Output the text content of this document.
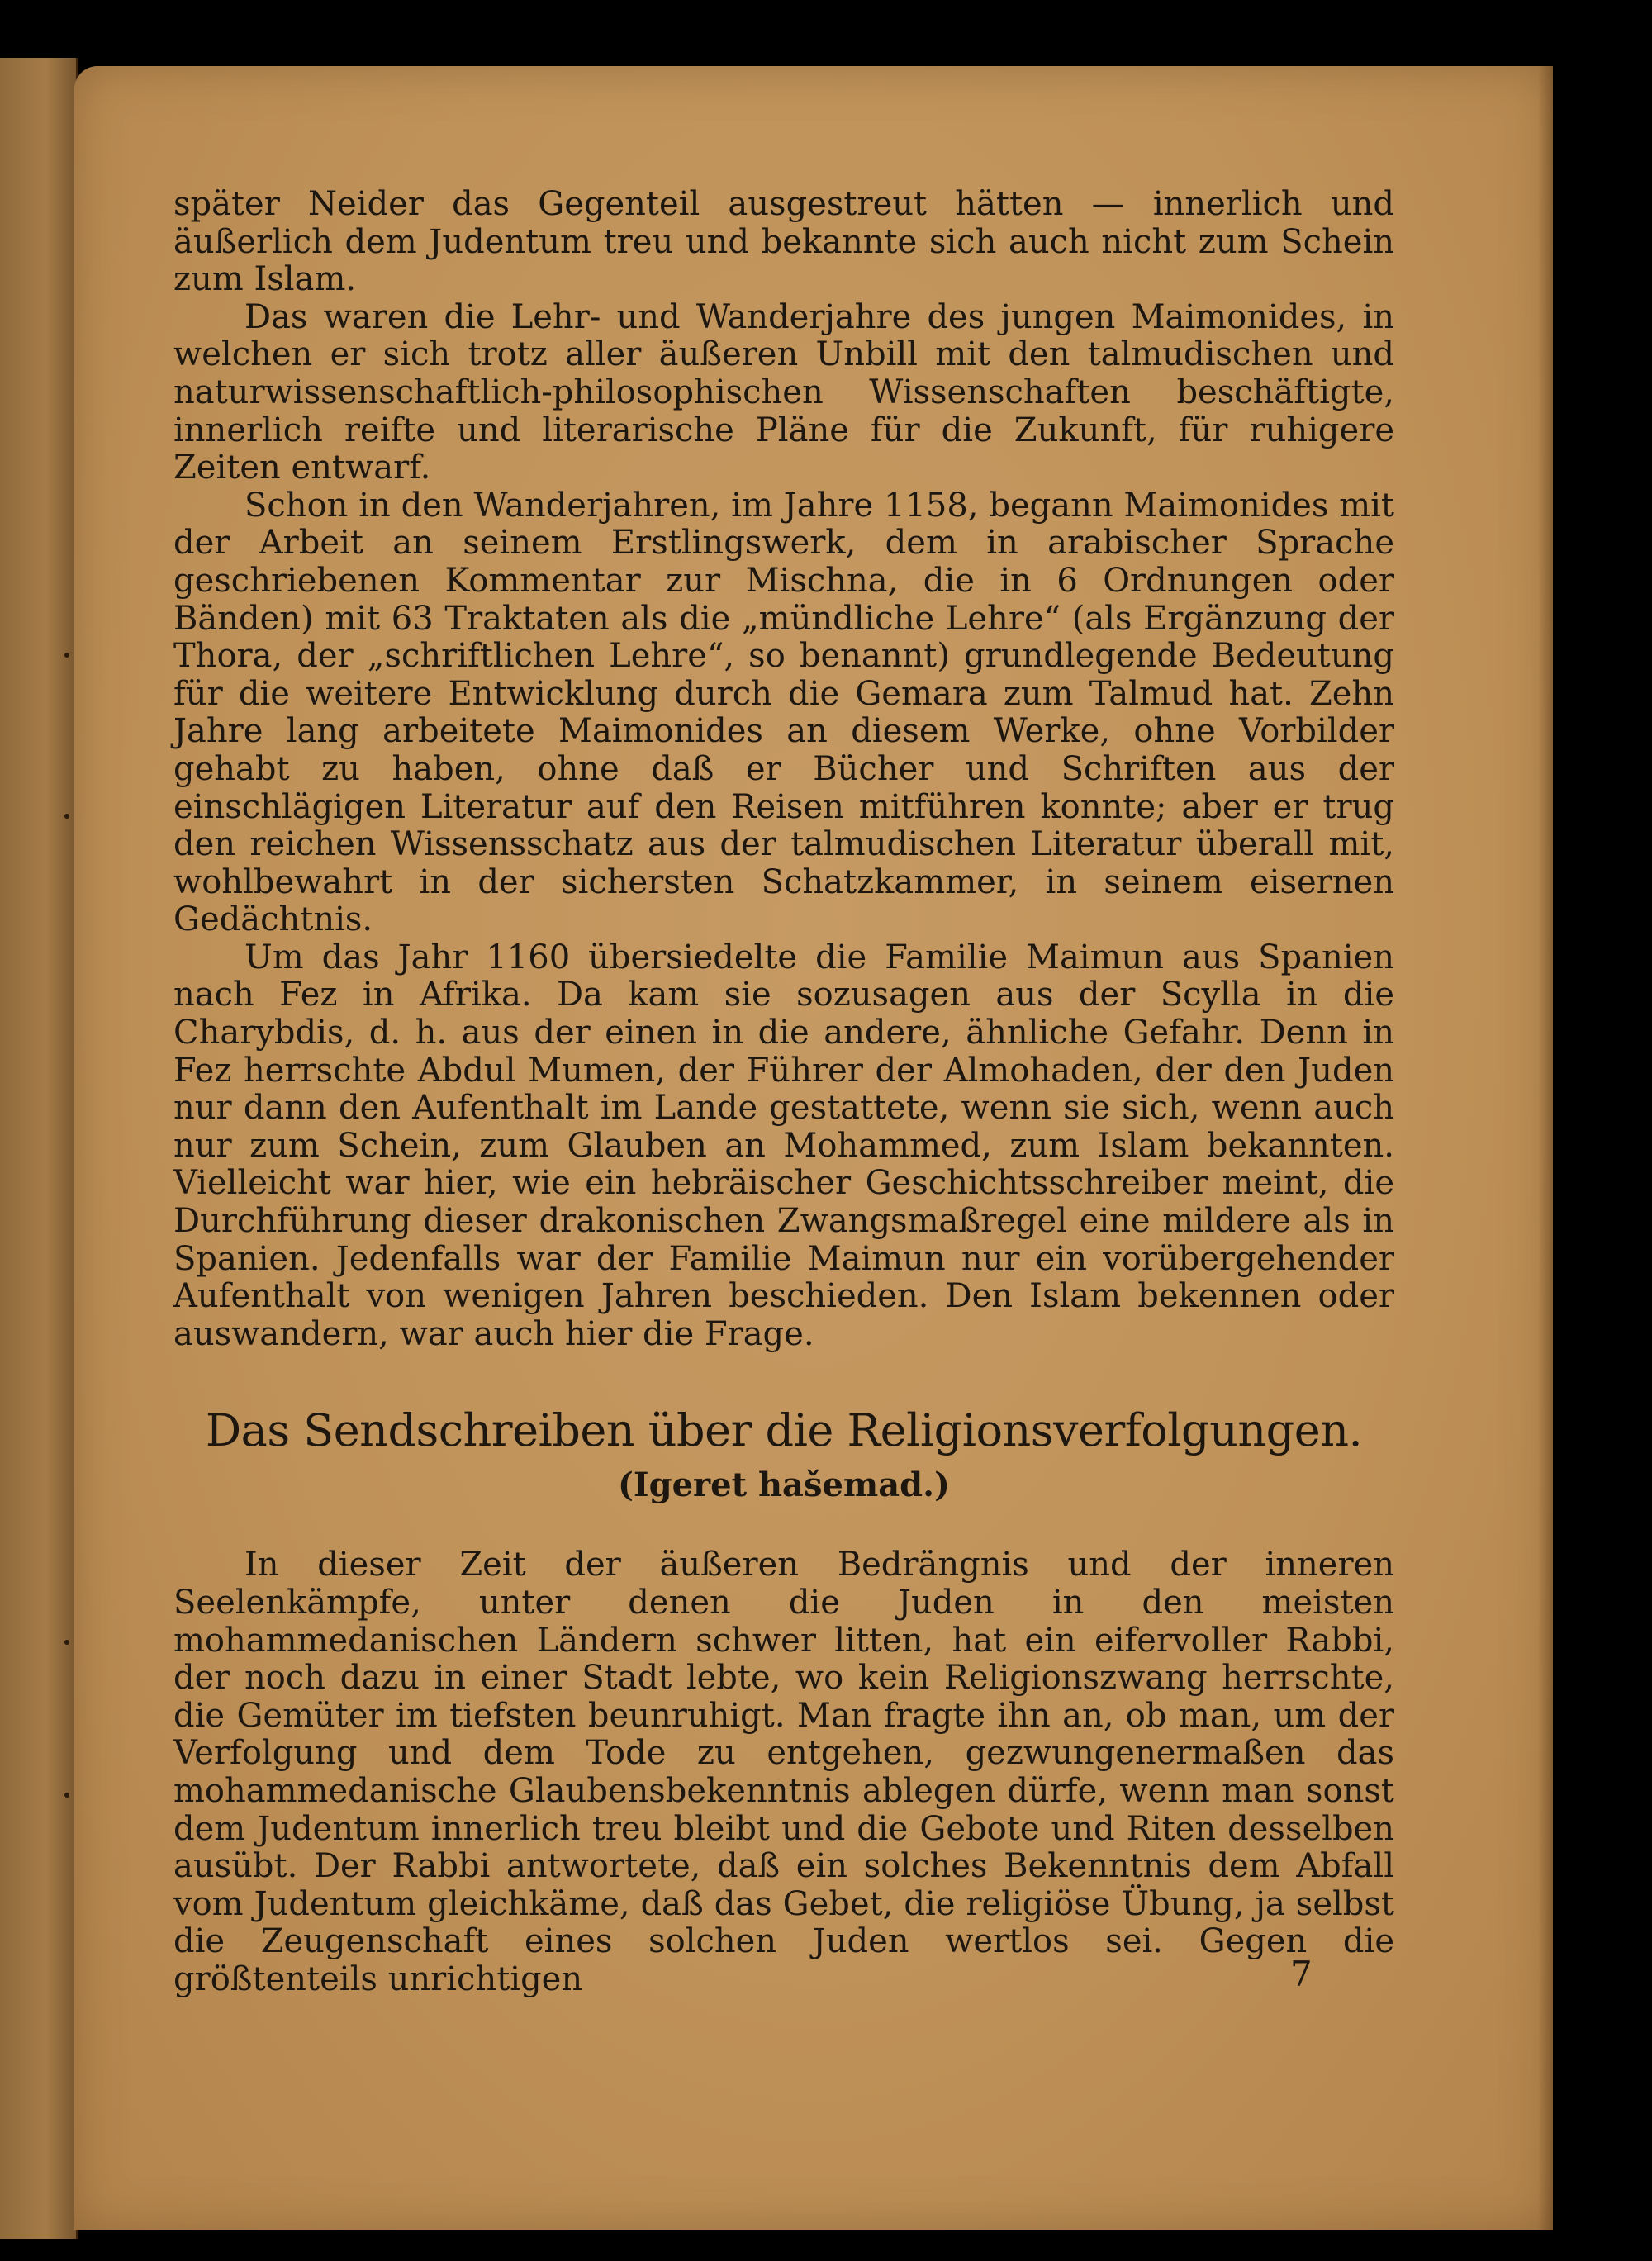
später Neider das Gegenteil ausgestreut hätten — innerlich und äußerlich dem Judentum treu und bekannte sich auch nicht zum Schein zum Islam.

Das waren die Lehr- und Wanderjahre des jungen Maimonides, in welchen er sich trotz aller äußeren Unbill mit den talmudischen und naturwissenschaftlich-philosophischen Wissenschaften beschäftigte, innerlich reifte und literarische Pläne für die Zukunft, für ruhigere Zeiten entwarf.

Schon in den Wanderjahren, im Jahre 1158, begann Maimonides mit der Arbeit an seinem Erstlingswerk, dem in arabischer Sprache geschriebenen Kommentar zur Mischna, die in 6 Ordnungen oder Bänden) mit 63 Traktaten als die „mündliche Lehre“ (als Ergänzung der Thora, der „schriftlichen Lehre“, so benannt) grundlegende Bedeutung für die weitere Entwicklung durch die Gemara zum Talmud hat. Zehn Jahre lang arbeitete Maimonides an diesem Werke, ohne Vorbilder gehabt zu haben, ohne daß er Bücher und Schriften aus der einschlägigen Literatur auf den Reisen mitführen konnte; aber er trug den reichen Wissensschatz aus der talmudischen Literatur überall mit, wohlbewahrt in der sichersten Schatzkammer, in seinem eisernen Gedächtnis.

Um das Jahr 1160 übersiedelte die Familie Maimun aus Spanien nach Fez in Afrika. Da kam sie sozusagen aus der Scylla in die Charybdis, d. h. aus der einen in die andere, ähnliche Gefahr. Denn in Fez herrschte Abdul Mumen, der Führer der Almohaden, der den Juden nur dann den Aufenthalt im Lande gestattete, wenn sie sich, wenn auch nur zum Schein, zum Glauben an Mohammed, zum Islam bekannten. Vielleicht war hier, wie ein hebräischer Geschichtsschreiber meint, die Durchführung dieser drakonischen Zwangsmaßregel eine mildere als in Spanien. Jedenfalls war der Familie Maimun nur ein vorübergehender Aufenthalt von wenigen Jahren beschieden. Den Islam bekennen oder auswandern, war auch hier die Frage.

Das Sendschreiben über die Religionsverfolgungen.
(Igeret hašemad.)

In dieser Zeit der äußeren Bedrängnis und der inneren Seelenkämpfe, unter denen die Juden in den meisten mohammedanischen Ländern schwer litten, hat ein eifervoller Rabbi, der noch dazu in einer Stadt lebte, wo kein Religionszwang herrschte, die Gemüter im tiefsten beunruhigt. Man fragte ihn an, ob man, um der Verfolgung und dem Tode zu entgehen, gezwungenermaßen das mohammedanische Glaubensbekenntnis ablegen dürfe, wenn man sonst dem Judentum innerlich treu bleibt und die Gebote und Riten desselben ausübt. Der Rabbi antwortete, daß ein solches Bekenntnis dem Abfall vom Judentum gleichkäme, daß das Gebet, die religiöse Übung, ja selbst die Zeugenschaft eines solchen Juden wertlos sei. Gegen die größtenteils unrichtigen	7
